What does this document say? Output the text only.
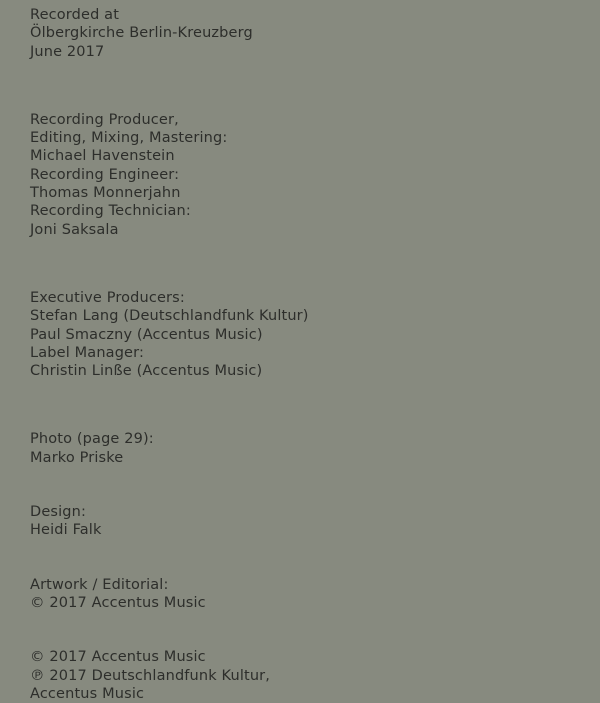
Recorded at
Ölbergkirche Berlin-Kreuzberg
June 2017
Recording Producer,
Editing, Mixing, Mastering:
Michael Havenstein
Recording Engineer:
Thomas Monnerjahn
Recording Technician:
Joni Saksala
Executive Producers:
Stefan Lang (Deutschlandfunk Kultur)
Paul Smaczny (Accentus Music)
Label Manager:
Christin Linße (Accentus Music)
Photo (page 29):
Marko Priske
Design:
Heidi Falk
Artwork / Editorial:
© 2017 Accentus Music
© 2017 Accentus Music
℗ 2017 Deutschlandfunk Kultur,
Accentus Music
